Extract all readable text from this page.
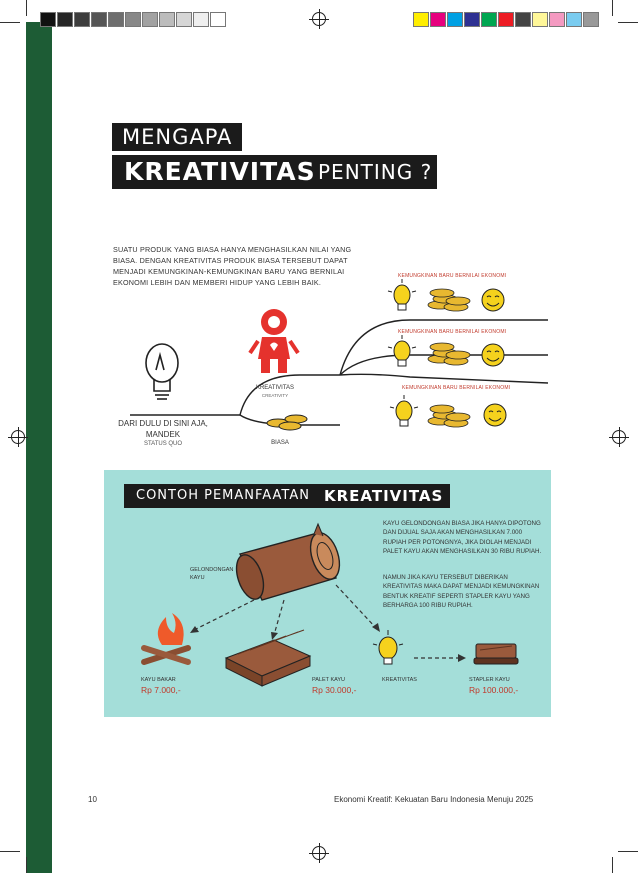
MENGAPA
KREATIVITAS PENTING ?
SUATU PRODUK YANG BIASA HANYA MENGHASILKAN NILAI YANG BIASA. DENGAN KREATIVITAS PRODUK BIASA TERSEBUT DAPAT MENJADI KEMUNGKINAN-KEMUNGKINAN BARU YANG BERNILAI EKONOMI LEBIH DAN MEMBERI HIDUP YANG LEBIH BAIK.
KEMUNGKINAN BARU BERNILAI EKONOMI
KEMUNGKINAN BARU BERNILAI EKONOMI
KEMUNGKINAN BARU BERNILAI EKONOMI
KREATIVITAS
CREATIVITY
BIASA
DARI DULU DI SINI AJA,
MANDEK
STATUS QUO
CONTOH PEMANFAATAN KREATIVITAS
KAYU GELONDONGAN BIASA JIKA HANYA DIPOTONG DAN DIJUAL SAJA AKAN MENGHASILKAN 7.000 RUPIAH PER POTONGNYA, JIKA DIOLAH MENJADI PALET KAYU AKAN MENGHASILKAN 30 RIBU RUPIAH.
NAMUN JIKA KAYU TERSEBUT DIBERIKAN KREATIVITAS MAKA DAPAT MENJADI KEMUNGKINAN BENTUK KREATIF SEPERTI STAPLER KAYU YANG BERHARGA 100 RIBU RUPIAH.
GELONDONGAN
KAYU
KAYU BAKAR
Rp 7.000,-
PALET KAYU
Rp 30.000,-
KREATIVITAS	STAPLER KAYU
Rp 100.000,-
10	Ekonomi Kreatif: Kekuatan Baru Indonesia Menuju 2025
